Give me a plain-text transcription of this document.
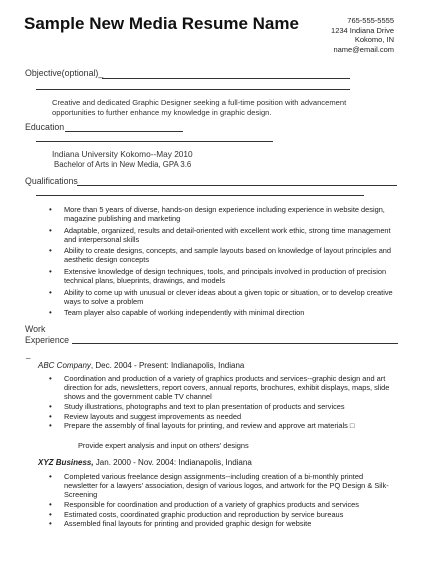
Sample New Media Resume Name	765-555-5555
1234 Indiana Drive
Kokomo, IN
name@email.com
Objective(optional)_
Creative and dedicated Graphic Designer seeking a full-time position with advancement opportunities to further enhance my knowledge in graphic design.
Education
Indiana University Kokomo--May 2010
Bachelor of Arts in New Media, GPA 3.6
Qualifications
• More than 5 years of diverse, hands-on design experience including experience in website design, magazine publishing and marketing
• Adaptable, organized, results and detail-oriented with excellent work ethic, strong time management and interpersonal skills
• Ability to create designs, concepts, and sample layouts based on knowledge of layout principles and aesthetic design concepts
• Extensive knowledge of design techniques, tools, and principals involved in production of precision technical plans, blueprints, drawings, and models
• Ability to come up with unusual or clever ideas about a given topic or situation, or to develop creative ways to solve a problem
• Team player also capable of working independently with minimal direction
Work
Experience
_
ABC Company, Dec. 2004 - Present: Indianapolis, Indiana
• Coordination and production of a variety of graphics products and services--graphic design and art direction for ads, newsletters, report covers, annual reports, brochures, exhibit displays, maps, slide shows and the government cable TV channel
• Study illustrations, photographs and text to plan presentation of products and services
• Review layouts and suggest improvements as needed
• Prepare the assembly of final layouts for printing, and review and approve art materials □
Provide expert analysis and input on others' designs
XYZ Business, Jan. 2000 - Nov. 2004: Indianapolis, Indiana
• Completed various freelance design assignments--including creation of a bi-monthly printed newsletter for a lawyers' association, design of various logos, and artwork for the PQ Design & Silk-Screening
• Responsible for coordination and production of a variety of graphics products and services
• Estimated costs, coordinated graphic production and reproduction by service bureaus
• Assembled final layouts for printing and provided graphic design for website
